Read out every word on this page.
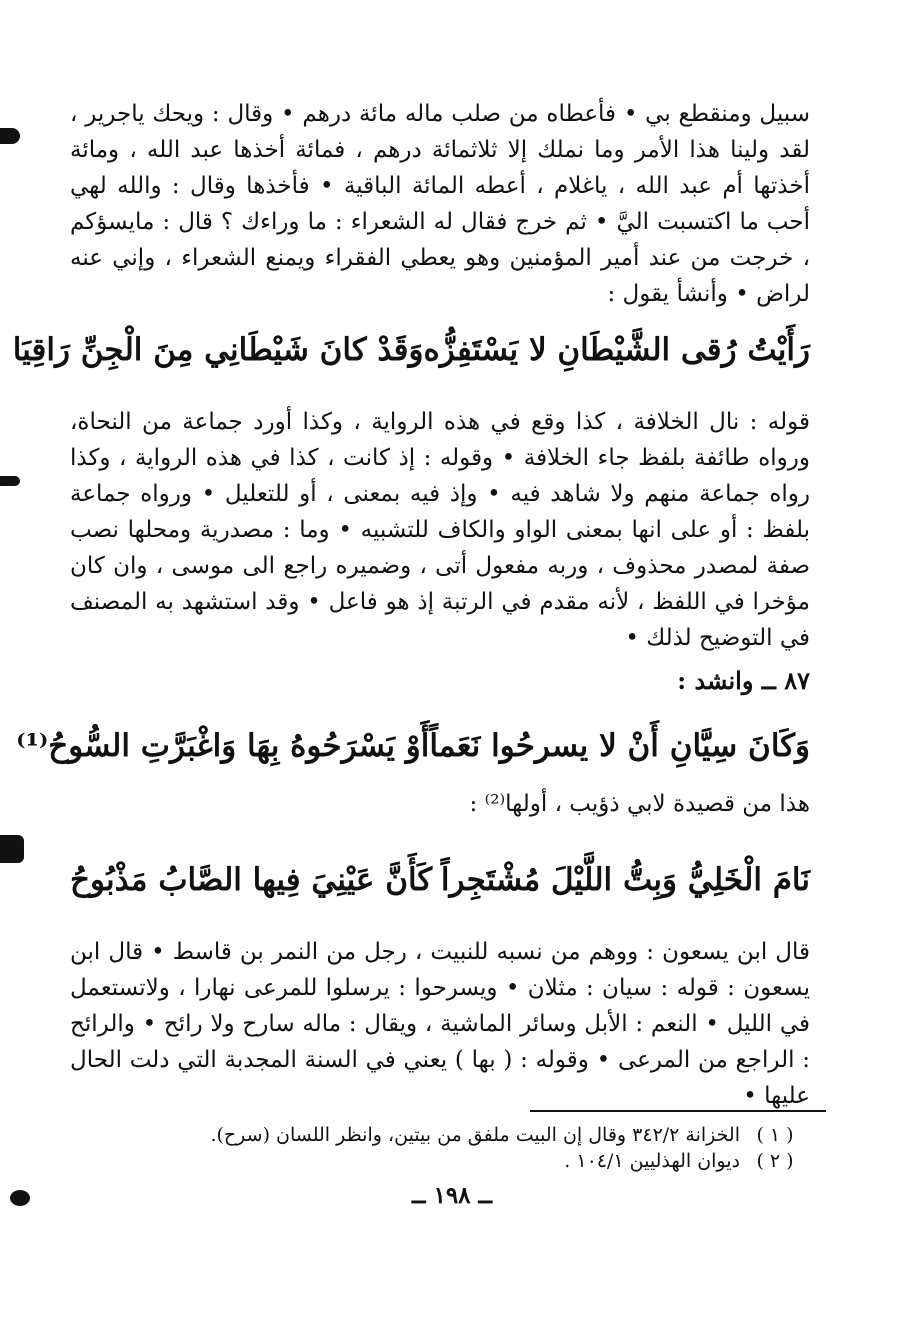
سبيل ومنقطع بي • فأعطاه من صلب ماله مائة درهم • وقال : ويحك ياجرير ، لقد ولينا هذا الأمر وما نملك إلا ثلاثمائة درهم ، فمائة أخذها عبد الله ، ومائة أخذتها أم عبد الله ، ياغلام ، أعطه المائة الباقية • فأخذها وقال : والله لهي أحب ما اكتسبت اليَّ • ثم خرج فقال له الشعراء : ما وراءك ؟ قال : مايسؤكم ، خرجت من عند أمير المؤمنين وهو يعطي الفقراء ويمنع الشعراء ، وإني عنه لراض • وأنشأ يقول :

رَأَيْتُ رُقى الشَّيْطَانِ لا يَسْتَفِزُّه
وَقَدْ كانَ شَيْطَانِي مِنَ الْجِنِّ رَاقِيَا

قوله : نال الخلافة ، كذا وقع في هذه الرواية ، وكذا أورد جماعة من النحاة، ورواه طائفة بلفظ جاء الخلافة • وقوله : إذ كانت ، كذا في هذه الرواية ، وكذا رواه جماعة منهم ولا شاهد فيه • وإذ فيه بمعنى ، أو للتعليل • ورواه جماعة بلفظ : أو على انها بمعنى الواو والكاف للتشبيه • وما : مصدرية ومحلها نصب صفة لمصدر محذوف ، وربه مفعول أتى ، وضميره راجع الى موسى ، وان كان مؤخرا في اللفظ ، لأنه مقدم في الرتبة إذ هو فاعل • وقد استشهد به المصنف في التوضيح لذلك •

٨٧ ــ وانشد :
وَكَانَ سِيَّانِ أَنْ لا يسرحُوا نَعَماً
أَوْ يَسْرَحُوهُ بِهَا وَاغْبَرَّتِ السُّوحُ⁽¹⁾
هذا من قصيدة لابي ذؤيب ، أولها⁽²⁾ :
نَامَ الْخَلِيُّ وَبِتُّ اللَّيْلَ مُشْتَجِراً
كَأَنَّ عَيْنِيَ فِيها الصَّابُ مَذْبُوحُ

قال ابن يسعون : ووهم من نسبه للنبيت ، رجل من النمر بن قاسط • قال ابن يسعون : قوله : سيان : مثلان • ويسرحوا : يرسلوا للمرعى نهارا ، ولاتستعمل في الليل • النعم : الأبل وسائر الماشية ، ويقال : ماله سارح ولا رائح • والرائح : الراجع من المرعى • وقوله : ( بها ) يعني في السنة المجدبة التي دلت الحال عليها •

( ١ )
الخزانة ٣٤٢/٢ وقال إن البيت ملفق من بيتين، وانظر اللسان (سرح).
( ٢ )
ديوان الهذليين ١٠٤/١ .
ــ ١٩٨ ــ
